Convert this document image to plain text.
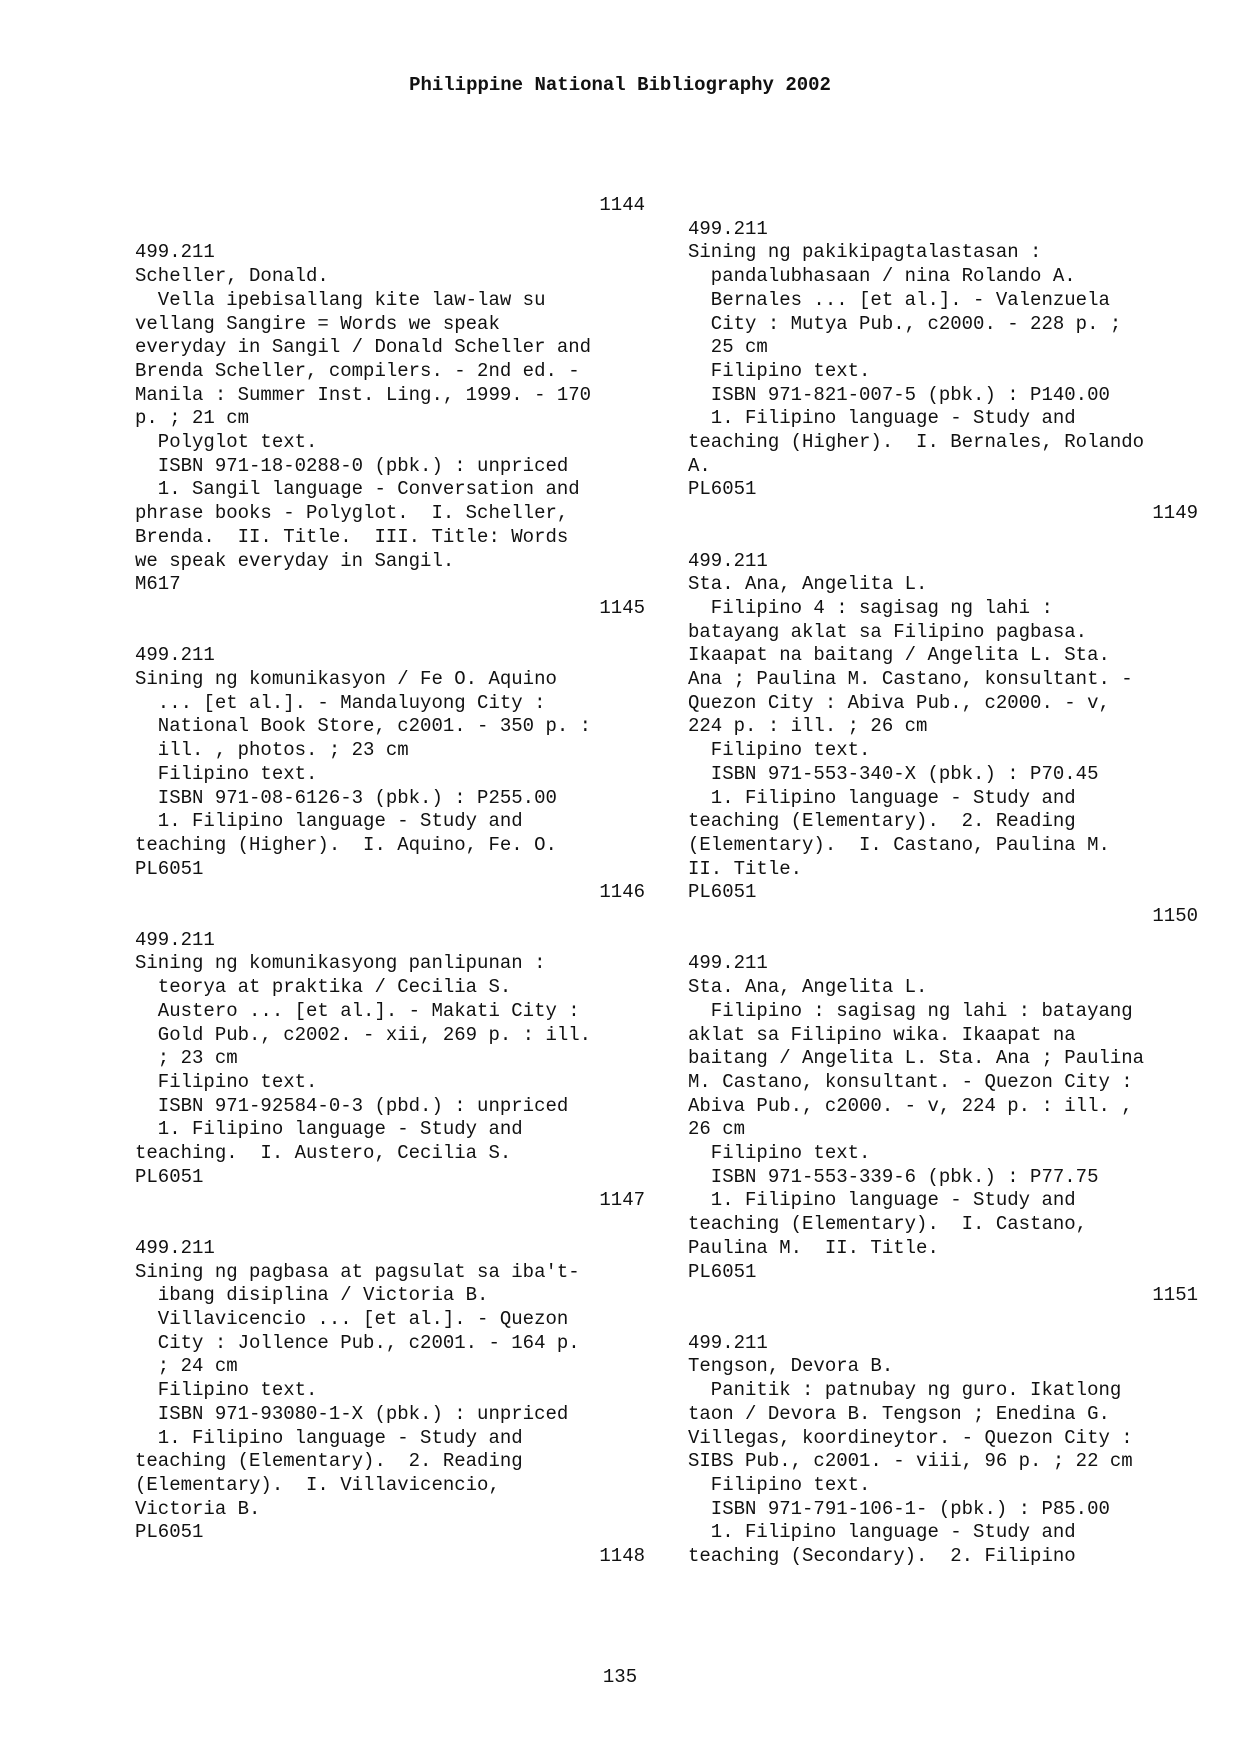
Philippine National Bibliography 2002
1144
499.211
Scheller, Donald.
Vella ipebisallang kite law-law su
vellang Sangire = Words we speak
everyday in Sangil / Donald Scheller and
Brenda Scheller, compilers. - 2nd ed. -
Manila : Summer Inst. Ling., 1999. - 170
p. ; 21 cm
Polyglot text.
ISBN 971-18-0288-0 (pbk.) : unpriced
1. Sangil language - Conversation and
phrase books - Polyglot.  I. Scheller,
Brenda.  II. Title.  III. Title: Words
we speak everyday in Sangil.
M617
1145
499.211
Sining ng komunikasyon / Fe O. Aquino
... [et al.]. - Mandaluyong City :
National Book Store, c2001. - 350 p. :
ill. , photos. ; 23 cm
Filipino text.
ISBN 971-08-6126-3 (pbk.) : P255.00
1. Filipino language - Study and
teaching (Higher).  I. Aquino, Fe. O.
PL6051
1146
499.211
Sining ng komunikasyong panlipunan :
teorya at praktika / Cecilia S.
Austero ... [et al.]. - Makati City :
Gold Pub., c2002. - xii, 269 p. : ill.
; 23 cm
Filipino text.
ISBN 971-92584-0-3 (pbd.) : unpriced
1. Filipino language - Study and
teaching.  I. Austero, Cecilia S.
PL6051
1147
499.211
Sining ng pagbasa at pagsulat sa iba't-
ibang disiplina / Victoria B.
Villavicencio ... [et al.]. - Quezon
City : Jollence Pub., c2001. - 164 p.
; 24 cm
Filipino text.
ISBN 971-93080-1-X (pbk.) : unpriced
1. Filipino language - Study and
teaching (Elementary).  2. Reading
(Elementary).  I. Villavicencio,
Victoria B.
PL6051
1148
499.211
Sining ng pakikipagtalastasan :
pandalubhasaan / nina Rolando A.
Bernales ... [et al.]. - Valenzuela
City : Mutya Pub., c2000. - 228 p. ;
25 cm
Filipino text.
ISBN 971-821-007-5 (pbk.) : P140.00
1. Filipino language - Study and
teaching (Higher).  I. Bernales, Rolando
A.
PL6051
1149
499.211
Sta. Ana, Angelita L.
Filipino 4 : sagisag ng lahi :
batayang aklat sa Filipino pagbasa.
Ikaapat na baitang / Angelita L. Sta.
Ana ; Paulina M. Castano, konsultant. -
Quezon City : Abiva Pub., c2000. - v,
224 p. : ill. ; 26 cm
Filipino text.
ISBN 971-553-340-X (pbk.) : P70.45
1. Filipino language - Study and
teaching (Elementary).  2. Reading
(Elementary).  I. Castano, Paulina M.
II. Title.
PL6051
1150
499.211
Sta. Ana, Angelita L.
Filipino : sagisag ng lahi : batayang
aklat sa Filipino wika. Ikaapat na
baitang / Angelita L. Sta. Ana ; Paulina
M. Castano, konsultant. - Quezon City :
Abiva Pub., c2000. - v, 224 p. : ill. ,
26 cm
Filipino text.
ISBN 971-553-339-6 (pbk.) : P77.75
1. Filipino language - Study and
teaching (Elementary).  I. Castano,
Paulina M.  II. Title.
PL6051
1151
499.211
Tengson, Devora B.
Panitik : patnubay ng guro. Ikatlong
taon / Devora B. Tengson ; Enedina G.
Villegas, koordineytor. - Quezon City :
SIBS Pub., c2001. - viii, 96 p. ; 22 cm
Filipino text.
ISBN 971-791-106-1- (pbk.) : P85.00
1. Filipino language - Study and
teaching (Secondary).  2. Filipino
135
